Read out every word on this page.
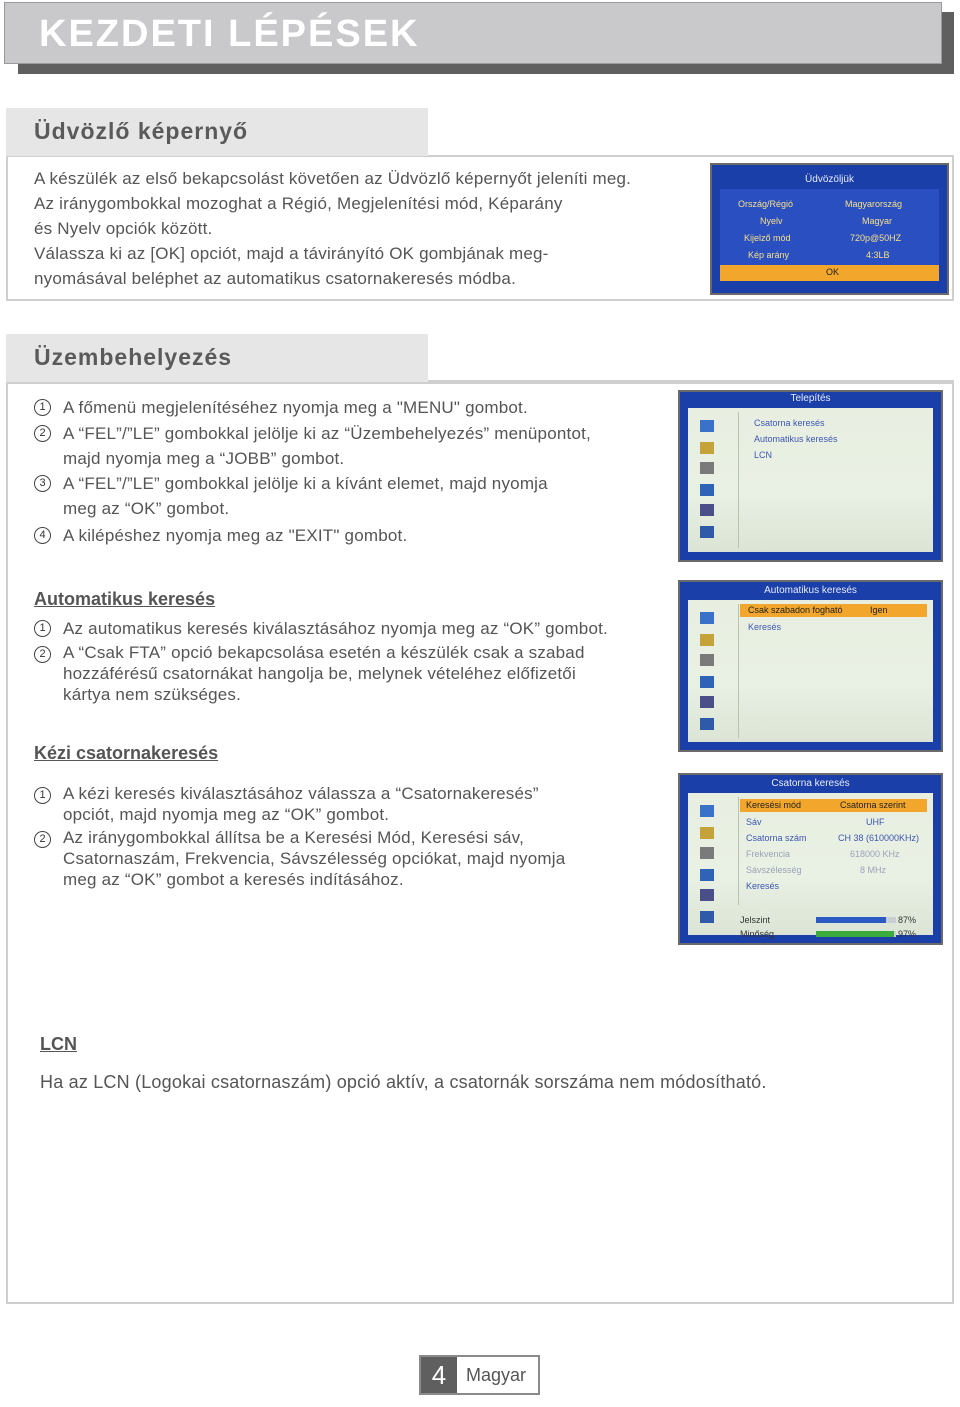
KEZDETI LÉPÉSEK
Üdvözlő képernyő
A készülék az első bekapcsolást követően az Üdvözlő képernyőt jeleníti meg.
Az iránygombokkal mozoghat a Régió, Megjelenítési mód, Képarány
és Nyelv opciók között.
Válassza ki az [OK] opciót, majd a távirányító OK gombjának meg-
nyomásával beléphet az automatikus csatornakeresés módba.
Üdvözöljük
Ország/Régió	Magyarország
Nyelv	Magyar
Kijelző mód	720p@50HZ
Kép arány	4:3LB
OK
Üzembehelyezés
1	A főmenü megjelenítéséhez nyomja meg a "MENU" gombot.
2	A “FEL”/”LE” gombokkal jelölje ki az “Üzembehelyezés” menüpontot,
majd nyomja meg a “JOBB” gombot.
3	A “FEL”/”LE” gombokkal jelölje ki a kívánt elemet, majd nyomja
meg az “OK” gombot.
4	A kilépéshez nyomja meg az "EXIT" gombot.
Telepítés
Csatorna keresés
Automatikus keresés
LCN
Automatikus keresés
1	Az automatikus keresés kiválasztásához nyomja meg az “OK” gombot.
2	A “Csak FTA” opció bekapcsolása esetén a készülék csak a szabad
hozzáférésű csatornákat hangolja be, melynek vételéhez előfizetői
kártya nem szükséges.
Automatikus keresés
Csak szabadon fogható	Igen
Keresés
Kézi csatornakeresés
1	A kézi keresés kiválasztásához válassza a “Csatornakeresés”
opciót, majd nyomja meg az “OK” gombot.
2	Az iránygombokkal állítsa be a Keresési Mód, Keresési sáv,
Csatornaszám, Frekvencia, Sávszélesség opciókat, majd nyomja
meg az “OK” gombot a keresés indításához.
Csatorna keresés
Keresési mód	Csatorna szerint
Sáv	UHF
Csatorna szám	CH 38 (610000KHz)
Frekvencia	618000 KHz
Sávszélesség	8 MHz
Keresés
Jelszint	87%
Minőség	97%
LCN
Ha az LCN (Logokai csatornaszám) opció aktív, a csatornák sorszáma nem módosítható.
4	Magyar
